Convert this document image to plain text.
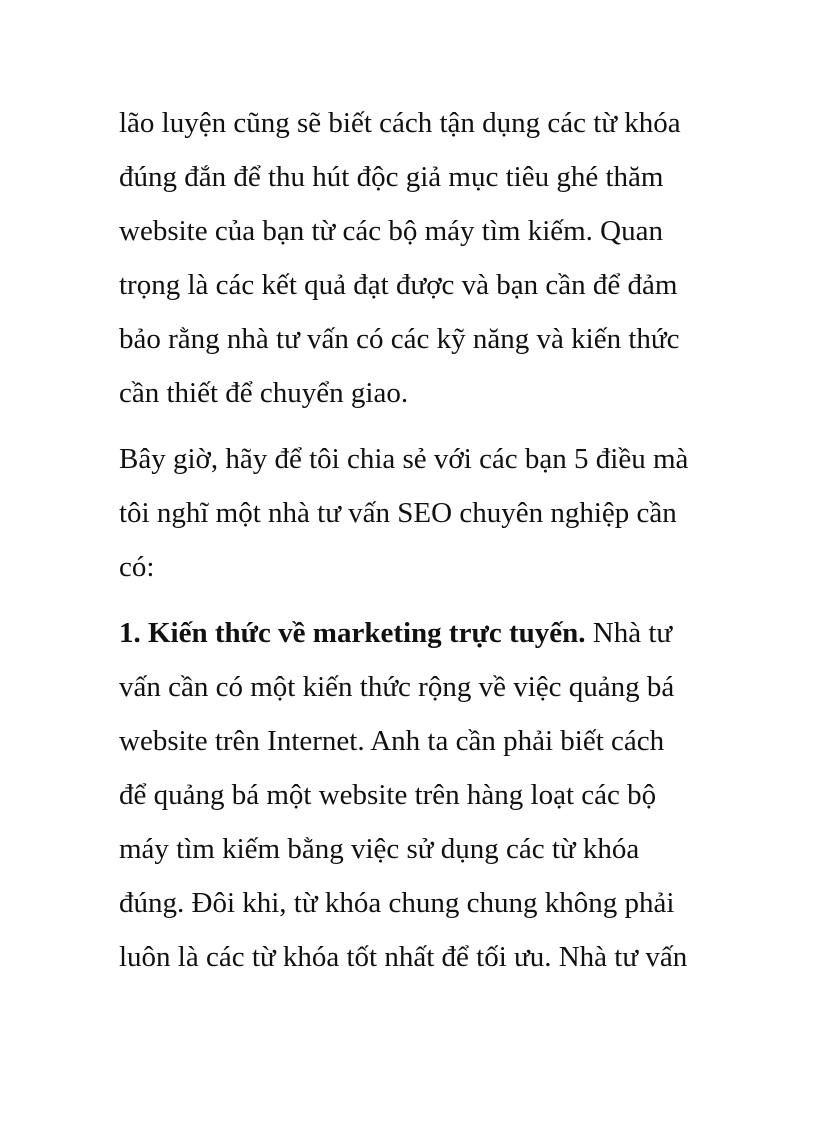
lão luyện cũng sẽ biết cách tận dụng các từ khóa
đúng đắn để thu hút độc giả mục tiêu ghé thăm
website của bạn từ các bộ máy tìm kiếm. Quan
trọng là các kết quả đạt được và bạn cần để đảm
bảo rằng nhà tư vấn có các kỹ năng và kiến thức
cần thiết để chuyển giao.
Bây giờ, hãy để tôi chia sẻ với các bạn 5 điều mà
tôi nghĩ một nhà tư vấn SEO chuyên nghiệp cần
có:
1. Kiến thức về marketing trực tuyến. Nhà tư
vấn cần có một kiến thức rộng về việc quảng bá
website trên Internet. Anh ta cần phải biết cách
để quảng bá một website trên hàng loạt các bộ
máy tìm kiếm bằng việc sử dụng các từ khóa
đúng. Đôi khi, từ khóa chung chung không phải
luôn là các từ khóa tốt nhất để tối ưu. Nhà tư vấn
